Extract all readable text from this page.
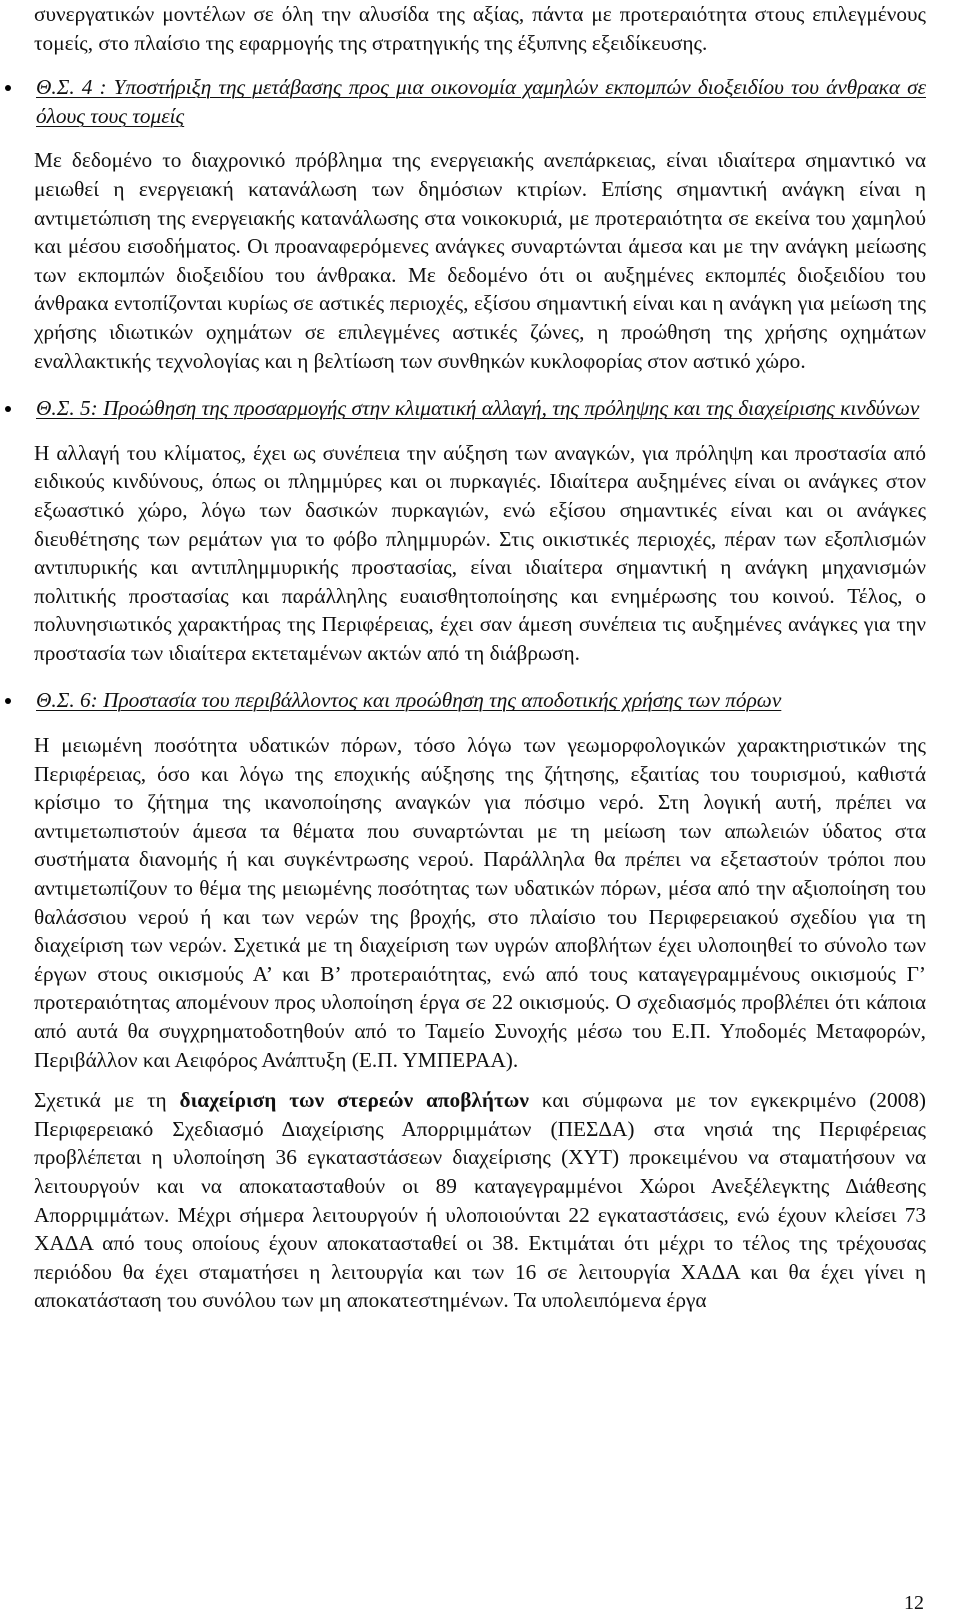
συνεργατικών μοντέλων σε όλη την αλυσίδα της αξίας, πάντα με προτεραιότητα στους επιλεγμένους τομείς, στο πλαίσιο της εφαρμογής της στρατηγικής της έξυπνης εξειδίκευσης.

Θ.Σ. 4 : Υποστήριξη της μετάβασης προς μια οικονομία χαμηλών εκπομπών διοξειδίου του άνθρακα σε όλους τους τομείς

Με δεδομένο το διαχρονικό πρόβλημα της ενεργειακής ανεπάρκειας, είναι ιδιαίτερα σημαντικό να μειωθεί η ενεργειακή κατανάλωση των δημόσιων κτιρίων. Επίσης σημαντική ανάγκη είναι η αντιμετώπιση της ενεργειακής κατανάλωσης στα νοικοκυριά, με προτεραιότητα σε εκείνα του χαμηλού και μέσου εισοδήματος. Οι προαναφερόμενες ανάγκες συναρτώνται άμεσα και με την ανάγκη μείωσης των εκπομπών διοξειδίου του άνθρακα. Με δεδομένο ότι οι αυξημένες εκπομπές διοξειδίου του άνθρακα εντοπίζονται κυρίως σε αστικές περιοχές, εξίσου σημαντική είναι και η ανάγκη για μείωση της χρήσης ιδιωτικών οχημάτων σε επιλεγμένες αστικές ζώνες, η προώθηση της χρήσης οχημάτων εναλλακτικής τεχνολογίας και η βελτίωση των συνθηκών κυκλοφορίας στον αστικό χώρο.

Θ.Σ. 5: Προώθηση της προσαρμογής στην κλιματική αλλαγή, της πρόληψης και της διαχείρισης κινδύνων

Η αλλαγή του κλίματος, έχει ως συνέπεια την αύξηση των αναγκών, για πρόληψη και προστασία από ειδικούς κινδύνους, όπως οι πλημμύρες και οι πυρκαγιές. Ιδιαίτερα αυξημένες είναι οι ανάγκες στον εξωαστικό χώρο, λόγω των δασικών πυρκαγιών, ενώ εξίσου σημαντικές είναι και οι ανάγκες διευθέτησης των ρεμάτων για το φόβο πλημμυρών. Στις οικιστικές περιοχές, πέραν των εξοπλισμών αντιπυρικής και αντιπλημμυρικής προστασίας, είναι ιδιαίτερα σημαντική η ανάγκη μηχανισμών πολιτικής προστασίας και παράλληλης ευαισθητοποίησης και ενημέρωσης του κοινού. Τέλος, ο πολυνησιωτικός χαρακτήρας της Περιφέρειας, έχει σαν άμεση συνέπεια τις αυξημένες ανάγκες για την προστασία των ιδιαίτερα εκτεταμένων ακτών από τη διάβρωση.

Θ.Σ. 6: Προστασία του περιβάλλοντος και προώθηση της αποδοτικής χρήσης των πόρων

Η μειωμένη ποσότητα υδατικών πόρων, τόσο λόγω των γεωμορφολογικών χαρακτηριστικών της Περιφέρειας, όσο και λόγω της εποχικής αύξησης της ζήτησης, εξαιτίας του τουρισμού, καθιστά κρίσιμο το ζήτημα της ικανοποίησης αναγκών για πόσιμο νερό. Στη λογική αυτή, πρέπει να αντιμετωπιστούν άμεσα τα θέματα που συναρτώνται με τη μείωση των απωλειών ύδατος στα συστήματα διανομής ή και συγκέντρωσης νερού. Παράλληλα θα πρέπει να εξεταστούν τρόποι που αντιμετωπίζουν το θέμα της μειωμένης ποσότητας των υδατικών πόρων, μέσα από την αξιοποίηση του θαλάσσιου νερού ή και των νερών της βροχής, στο πλαίσιο του Περιφερειακού σχεδίου για τη διαχείριση των νερών. Σχετικά με τη διαχείριση των υγρών αποβλήτων έχει υλοποιηθεί το σύνολο των έργων στους οικισμούς Α’ και Β’ προτεραιότητας, ενώ από τους καταγεγραμμένους οικισμούς Γ’ προτεραιότητας απομένουν προς υλοποίηση έργα σε 22 οικισμούς. Ο σχεδιασμός προβλέπει ότι κάποια από αυτά θα συγχρηματοδοτηθούν από το Ταμείο Συνοχής μέσω του Ε.Π. Υποδομές Μεταφορών, Περιβάλλον και Αειφόρος Ανάπτυξη (Ε.Π. ΥΜΠΕΡΑΑ).

Σχετικά με τη διαχείριση των στερεών αποβλήτων και σύμφωνα με τον εγκεκριμένο (2008) Περιφερειακό Σχεδιασμό Διαχείρισης Απορριμμάτων (ΠΕΣΔΑ) στα νησιά της Περιφέρειας προβλέπεται η υλοποίηση 36 εγκαταστάσεων διαχείρισης (ΧΥΤ) προκειμένου να σταματήσουν να λειτουργούν και να αποκατασταθούν οι 89 καταγεγραμμένοι Χώροι Ανεξέλεγκτης Διάθεσης Απορριμμάτων. Μέχρι σήμερα λειτουργούν ή υλοποιούνται 22 εγκαταστάσεις, ενώ έχουν κλείσει 73 ΧΑΔΑ από τους οποίους έχουν αποκατασταθεί οι 38. Εκτιμάται ότι μέχρι το τέλος της τρέχουσας περιόδου θα έχει σταματήσει η λειτουργία και των 16 σε λειτουργία ΧΑΔΑ και θα έχει γίνει η αποκατάσταση του συνόλου των μη αποκατεστημένων. Τα υπολειπόμενα έργα

12
